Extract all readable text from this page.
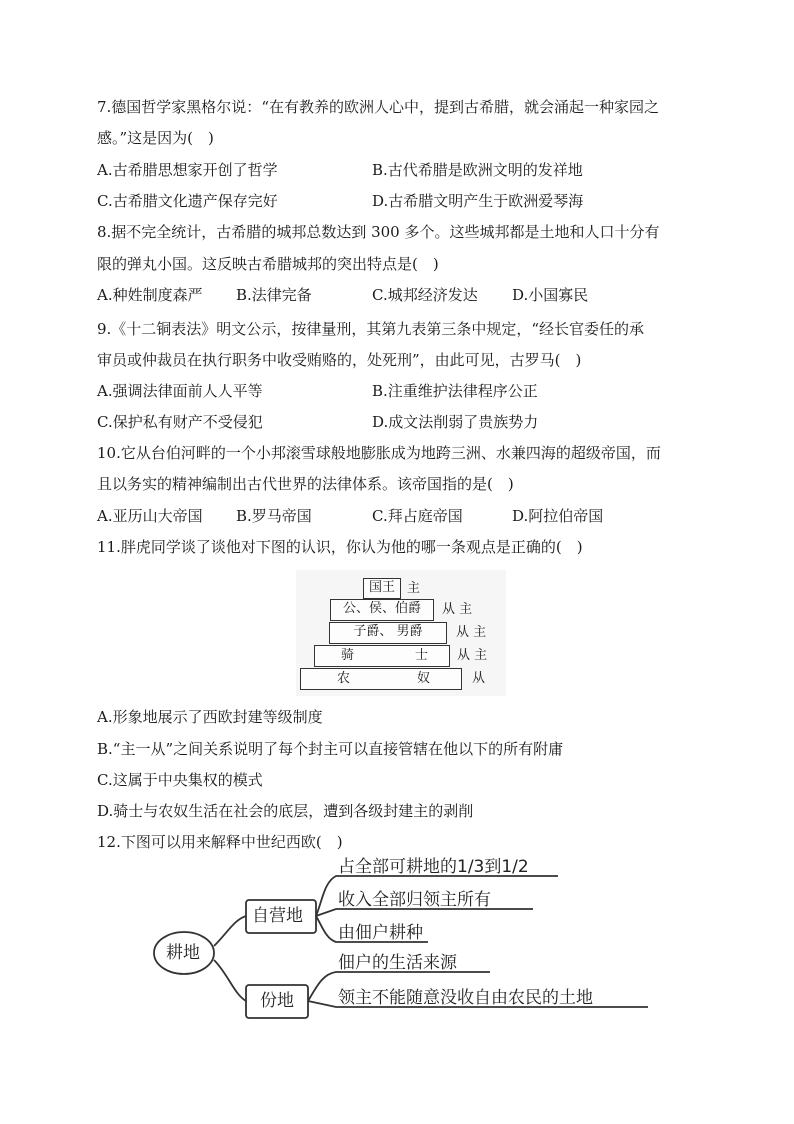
7.德国哲学家黑格尔说：“在有教养的欧洲人心中，提到古希腊，就会涌起一种家园之
感。”这是因为(　)
A.古希腊思想家开创了哲学	B.古代希腊是欧洲文明的发祥地
C.古希腊文化遗产保存完好	D.古希腊文明产生于欧洲爱琴海
8.据不完全统计，古希腊的城邦总数达到 300 多个。这些城邦都是土地和人口十分有
限的弹丸小国。这反映古希腊城邦的突出特点是(　)
A.种姓制度森严 B.法律完备	C.城邦经济发达 D.小国寡民
9.《十二铜表法》明文公示，按律量刑，其第九表第三条中规定，“经长官委任的承
审员或仲裁员在执行职务中收受贿赂的，处死刑”，由此可见，古罗马(　)
A.强调法律面前人人平等	B.注重维护法律程序公正
C.保护私有财产不受侵犯	D.成文法削弱了贵族势力
10.它从台伯河畔的一个小邦滚雪球般地膨胀成为地跨三洲、水兼四海的超级帝国，而
且以务实的精神编制出古代世界的法律体系。该帝国指的是(　)
A.亚历山大帝国 B.罗马帝国	C.拜占庭帝国	D.阿拉伯帝国
11.胖虎同学谈了谈他对下图的认识，你认为他的哪一条观点是正确的(　)
国王 主
公、侯、伯爵	从 主
子爵、 男爵	从 主
骑	士 从 主
农	奴	从
A.形象地展示了西欧封建等级制度
B.“主一从”之间关系说明了每个封主可以直接管辖在他以下的所有附庸
C.这属于中央集权的模式
D.骑士与农奴生活在社会的底层，遭到各级封建主的剥削
12.下图可以用来解释中世纪西欧(　)
耕地
自营地
份地
占全部可耕地的1/3到1/2
收入全部归领主所有
由佃户耕种
佃户的生活来源
领主不能随意没收自由农民的土地
